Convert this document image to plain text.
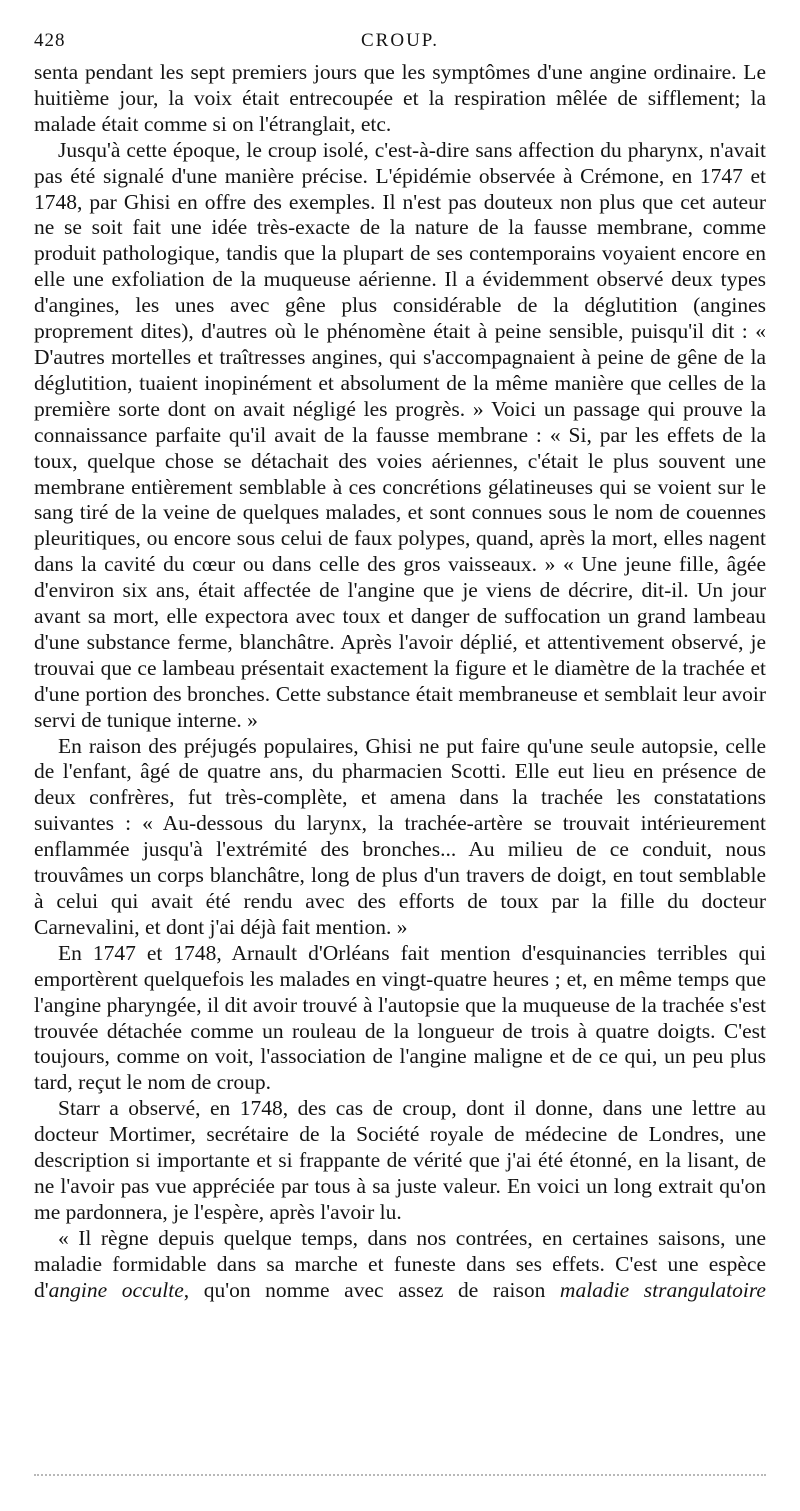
428	CROUP.

senta pendant les sept premiers jours que les symptômes d'une angine ordinaire. Le huitième jour, la voix était entrecoupée et la respiration mêlée de sifflement; la malade était comme si on l'étranglait, etc.

Jusqu'à cette époque, le croup isolé, c'est-à-dire sans affection du pharynx, n'avait pas été signalé d'une manière précise. L'épidémie observée à Crémone, en 1747 et 1748, par Ghisi en offre des exemples. Il n'est pas douteux non plus que cet auteur ne se soit fait une idée très-exacte de la nature de la fausse membrane, comme produit pathologique, tandis que la plupart de ses contemporains voyaient encore en elle une exfoliation de la muqueuse aérienne. Il a évidemment observé deux types d'angines, les unes avec gêne plus considérable de la déglutition (angines proprement dites), d'autres où le phénomène était à peine sensible, puisqu'il dit : « D'autres mortelles et traîtresses angines, qui s'accompagnaient à peine de gêne de la déglutition, tuaient inopinément et absolument de la même manière que celles de la première sorte dont on avait négligé les progrès. » Voici un passage qui prouve la connaissance parfaite qu'il avait de la fausse membrane : « Si, par les effets de la toux, quelque chose se détachait des voies aériennes, c'était le plus souvent une membrane entièrement semblable à ces concrétions gélatineuses qui se voient sur le sang tiré de la veine de quelques malades, et sont connues sous le nom de couennes pleuritiques, ou encore sous celui de faux polypes, quand, après la mort, elles nagent dans la cavité du cœur ou dans celle des gros vaisseaux. » « Une jeune fille, âgée d'environ six ans, était affectée de l'angine que je viens de décrire, dit-il. Un jour avant sa mort, elle expectora avec toux et danger de suffocation un grand lambeau d'une substance ferme, blanchâtre. Après l'avoir déplié, et attentivement observé, je trouvai que ce lambeau présentait exactement la figure et le diamètre de la trachée et d'une portion des bronches. Cette substance était membraneuse et semblait leur avoir servi de tunique interne. »

En raison des préjugés populaires, Ghisi ne put faire qu'une seule autopsie, celle de l'enfant, âgé de quatre ans, du pharmacien Scotti. Elle eut lieu en présence de deux confrères, fut très-complète, et amena dans la trachée les constatations suivantes : « Au-dessous du larynx, la trachée-artère se trouvait intérieurement enflammée jusqu'à l'extrémité des bronches... Au milieu de ce conduit, nous trouvâmes un corps blanchâtre, long de plus d'un travers de doigt, en tout semblable à celui qui avait été rendu avec des efforts de toux par la fille du docteur Carnevalini, et dont j'ai déjà fait mention. »

En 1747 et 1748, Arnault d'Orléans fait mention d'esquinancies terribles qui emportèrent quelquefois les malades en vingt-quatre heures ; et, en même temps que l'angine pharyngée, il dit avoir trouvé à l'autopsie que la muqueuse de la trachée s'est trouvée détachée comme un rouleau de la longueur de trois à quatre doigts. C'est toujours, comme on voit, l'association de l'angine maligne et de ce qui, un peu plus tard, reçut le nom de croup.

Starr a observé, en 1748, des cas de croup, dont il donne, dans une lettre au docteur Mortimer, secrétaire de la Société royale de médecine de Londres, une description si importante et si frappante de vérité que j'ai été étonné, en la lisant, de ne l'avoir pas vue appréciée par tous à sa juste valeur. En voici un long extrait qu'on me pardonnera, je l'espère, après l'avoir lu.

« Il règne depuis quelque temps, dans nos contrées, en certaines saisons, une maladie formidable dans sa marche et funeste dans ses effets. C'est une espèce d'angine occulte, qu'on nomme avec assez de raison maladie strangulatoire
